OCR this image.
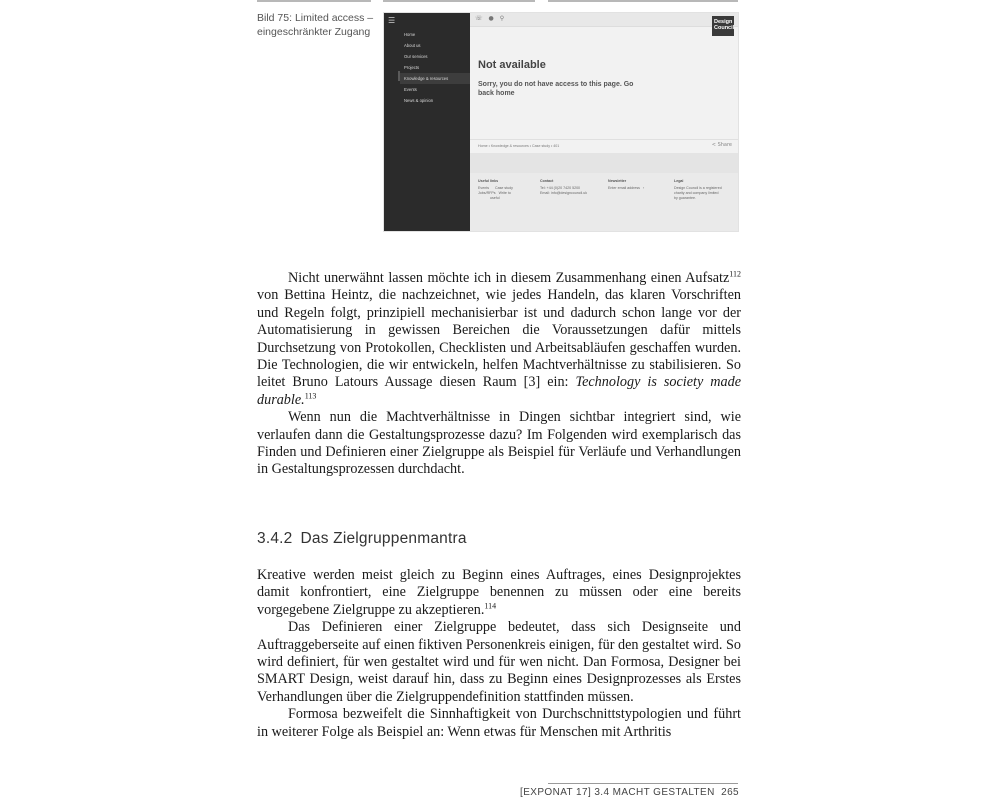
Bild 75: Limited access –
eingeschränkter Zugang
☰
Home
About us
Our services
Projects
Knowledge & resources
Events
News & opinion
☏●⚲	Design
Council
Not available
Sorry, you do not have access to this page. Go back home
Home • Knowledge & resources • Case study • 401	< Share
Useful links
Events      Case study
Jobs/RFPs   Write to
useful
Contact
Tel: +44 (0)20 7420 5200
Email: info@designcouncil.uk
Newsletter
Enter email address   ›
Legal
Design Council is a registered
charity and company limited
by guarantee.

Nicht unerwähnt lassen möchte ich in diesem Zusammenhang einen Aufsatz$^{112}$ von Bettina Heintz, die nachzeichnet, wie jedes Handeln, das klaren Vorschriften und Regeln folgt, prinzipiell mechanisierbar ist und dadurch schon lange vor der Automatisierung in gewissen Bereichen die Voraussetzungen dafür mittels Durchsetzung von Protokollen, Checklisten und Arbeitsabläufen geschaffen wurden. Die Technologien, die wir entwickeln, helfen Machtverhältnisse zu stabilisieren. So leitet Bruno Latours Aussage diesen Raum [3] ein: Technology is society made durable.$^{113}$

Wenn nun die Machtverhältnisse in Dingen sichtbar integriert sind, wie verlaufen dann die Gestaltungsprozesse dazu? Im Folgenden wird exemplarisch das Finden und Definieren einer Zielgruppe als Beispiel für Verläufe und Verhandlungen in Gestaltungsprozessen durchdacht.

3.4.2 Das Zielgruppenmantra

Kreative werden meist gleich zu Beginn eines Auftrages, eines Designprojektes damit konfrontiert, eine Zielgruppe benennen zu müssen oder eine bereits vorgegebene Zielgruppe zu akzeptieren.$^{114}$

Das Definieren einer Zielgruppe bedeutet, dass sich Designseite und Auftraggeberseite auf einen fiktiven Personenkreis einigen, für den gestaltet wird. So wird definiert, für wen gestaltet wird und für wen nicht. Dan Formosa, Designer bei SMART Design, weist darauf hin, dass zu Beginn eines Designprozesses als Erstes Verhandlungen über die Zielgruppendefinition stattfinden müssen.

Formosa bezweifelt die Sinnhaftigkeit von Durchschnittstypologien und führt in weiterer Folge als Beispiel an: Wenn etwas für Menschen mit Arthritis

[EXPONAT 17] 3.4 MACHT GESTALTEN 265
